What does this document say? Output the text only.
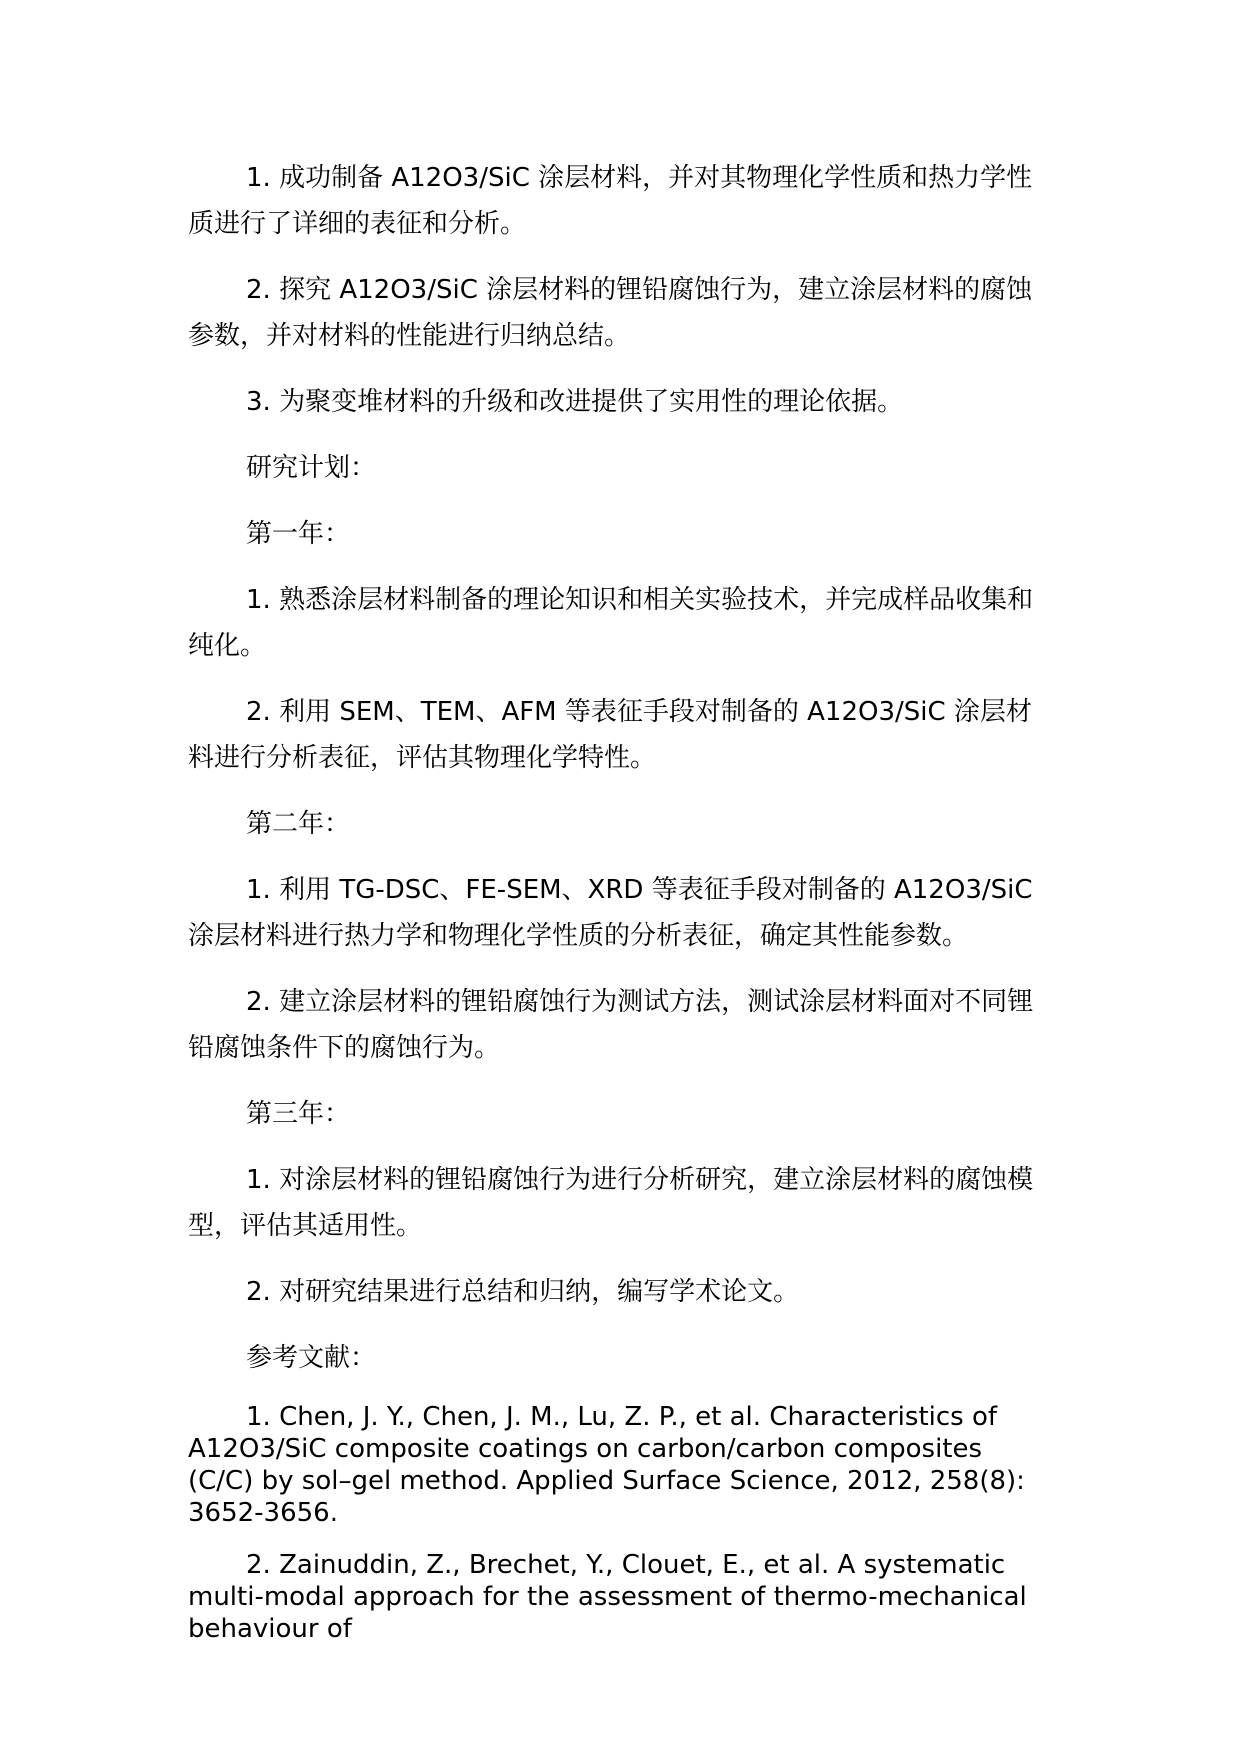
1. 成功制备 A12O3/SiC 涂层材料，并对其物理化学性质和热力学性质进行了详细的表征和分析。

2. 探究 A12O3/SiC 涂层材料的锂铅腐蚀行为，建立涂层材料的腐蚀参数，并对材料的性能进行归纳总结。

3. 为聚变堆材料的升级和改进提供了实用性的理论依据。

研究计划：

第一年：

1. 熟悉涂层材料制备的理论知识和相关实验技术，并完成样品收集和纯化。

2. 利用 SEM、TEM、AFM 等表征手段对制备的 A12O3/SiC 涂层材料进行分析表征，评估其物理化学特性。

第二年：

1. 利用 TG-DSC、FE-SEM、XRD 等表征手段对制备的 A12O3/SiC 涂层材料进行热力学和物理化学性质的分析表征，确定其性能参数。

2. 建立涂层材料的锂铅腐蚀行为测试方法，测试涂层材料面对不同锂铅腐蚀条件下的腐蚀行为。

第三年：

1. 对涂层材料的锂铅腐蚀行为进行分析研究，建立涂层材料的腐蚀模型，评估其适用性。

2. 对研究结果进行总结和归纳，编写学术论文。

参考文献：

1. Chen, J. Y., Chen, J. M., Lu, Z. P., et al. Characteristics of A12O3/SiC composite coatings on carbon/carbon composites (C/C) by sol–gel method. Applied Surface Science, 2012, 258(8): 3652-3656.

2. Zainuddin, Z., Brechet, Y., Clouet, E., et al. A systematic multi-modal approach for the assessment of thermo-mechanical behaviour of
